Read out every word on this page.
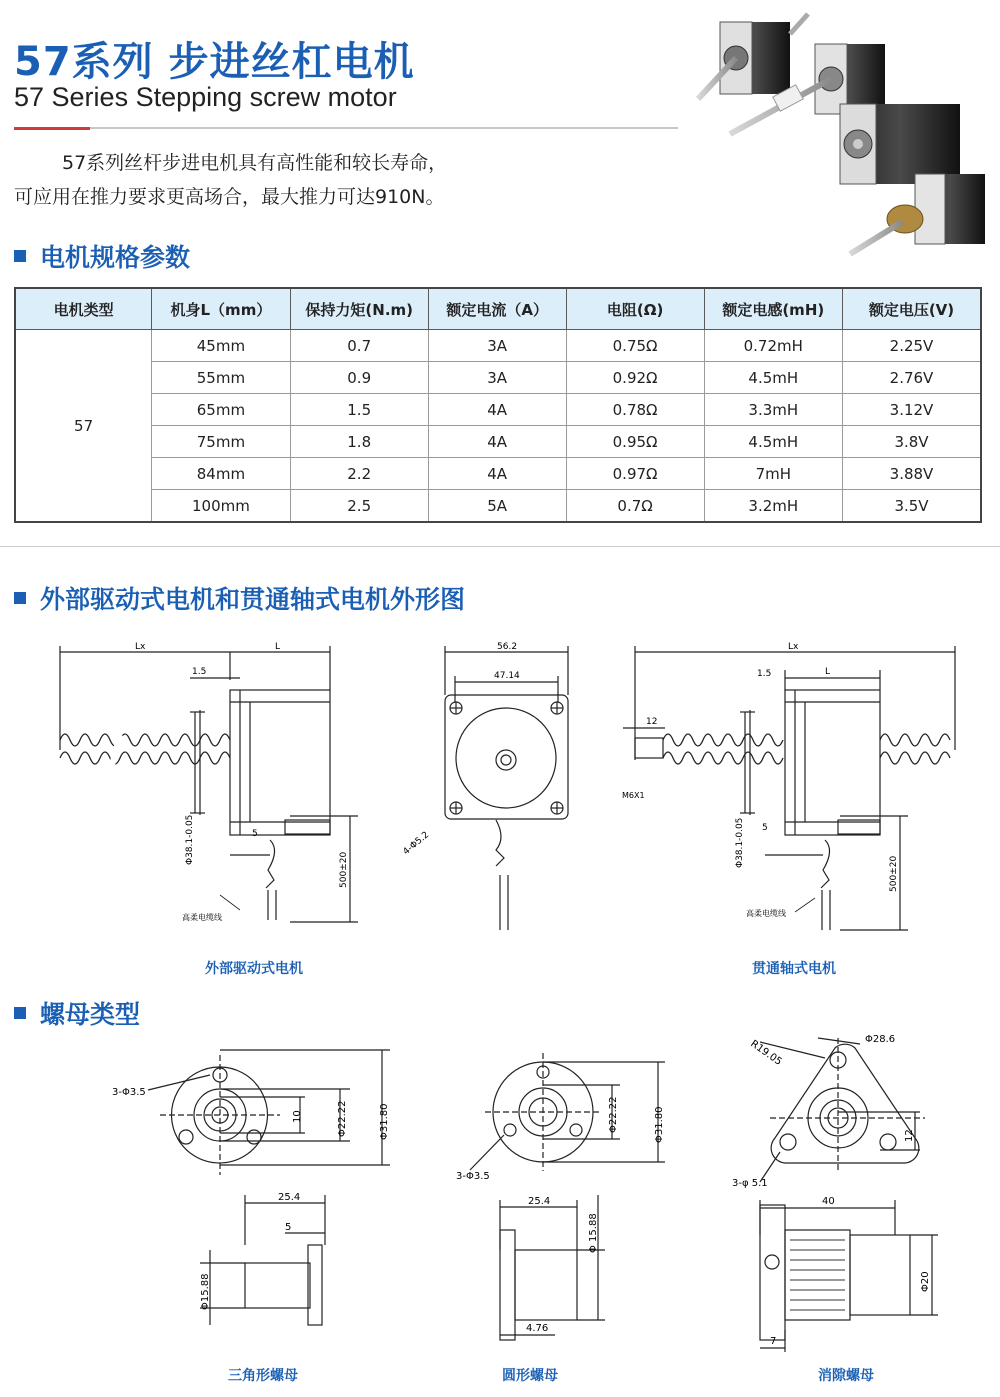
57系列 步进丝杠电机
57 Series Stepping screw motor
57系列丝杆步进电机具有高性能和较长寿命，
可应用在推力要求更高场合，最大推力可达910N。
电机规格参数
电机类型	机身L（mm）	保持力矩(N.m)	额定电流（A）	电阻(Ω)	额定电感(mH)	额定电压(V)
57	45mm	0.7	3A	0.75Ω	0.72mH	2.25V
	55mm	0.9	3A	0.92Ω	4.5mH	2.76V
	65mm	1.5	4A	0.78Ω	3.3mH	3.12V
	75mm	1.8	4A	0.95Ω	4.5mH	3.8V
	84mm	2.2	4A	0.97Ω	7mH	3.88V
	100mm	2.5	5A	0.7Ω	3.2mH	3.5V
外部驱动式电机和贯通轴式电机外形图
Lx	L
1.5
5
Φ38.1-0.05
500±20
高柔电缆线
外部驱动式电机
56.2
47.14
4-Φ5.2
Lx
L
1.5
12
M6X1
5
Φ38.1-0.05
500±20
高柔电缆线
贯通轴式电机
螺母类型
3-Φ3.5
10	Φ22.22	Φ31.80
25.4
5
Φ15.88
三角形螺母
Φ22.22	Φ31.80
3-Φ3.5
25.4
Φ 15.88
4.76
圆形螺母
R19.05	Φ28.6
12
3-φ 5.1
40
Φ20
7
消隙螺母
